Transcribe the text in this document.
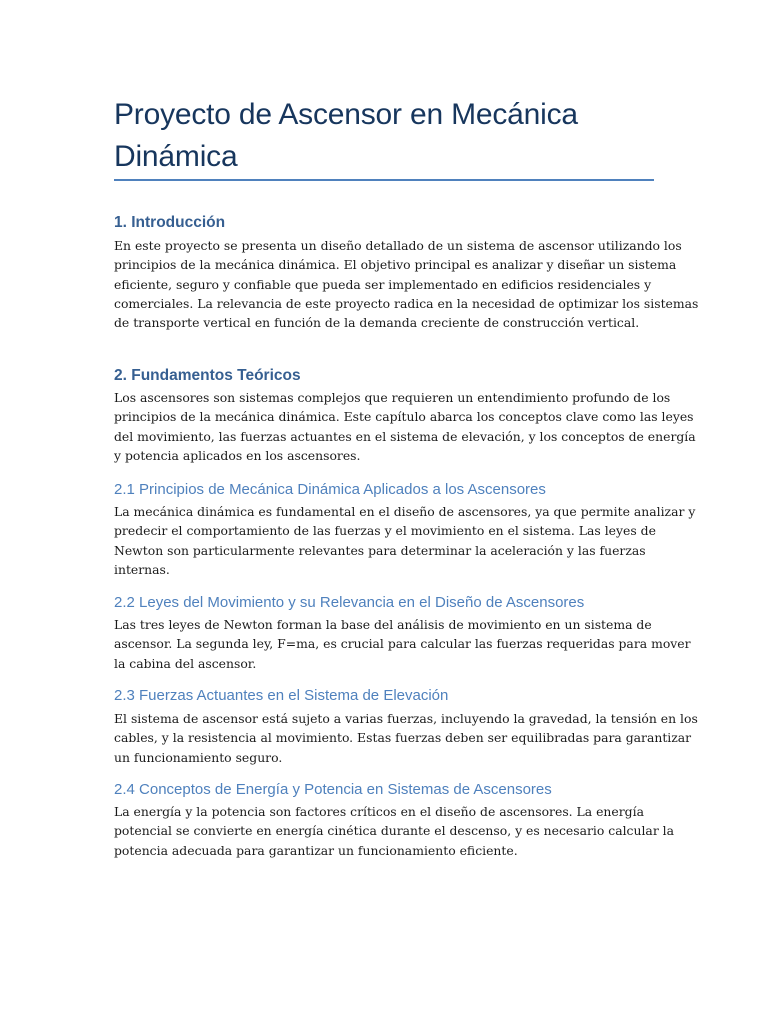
Proyecto de Ascensor en Mecánica
Dinámica
1. Introducción
En este proyecto se presenta un diseño detallado de un sistema de ascensor utilizando los
principios de la mecánica dinámica. El objetivo principal es analizar y diseñar un sistema
eficiente, seguro y confiable que pueda ser implementado en edificios residenciales y
comerciales. La relevancia de este proyecto radica en la necesidad de optimizar los sistemas
de transporte vertical en función de la demanda creciente de construcción vertical.
2. Fundamentos Teóricos
Los ascensores son sistemas complejos que requieren un entendimiento profundo de los
principios de la mecánica dinámica. Este capítulo abarca los conceptos clave como las leyes
del movimiento, las fuerzas actuantes en el sistema de elevación, y los conceptos de energía
y potencia aplicados en los ascensores.
2.1 Principios de Mecánica Dinámica Aplicados a los Ascensores
La mecánica dinámica es fundamental en el diseño de ascensores, ya que permite analizar y
predecir el comportamiento de las fuerzas y el movimiento en el sistema. Las leyes de
Newton son particularmente relevantes para determinar la aceleración y las fuerzas
internas.
2.2 Leyes del Movimiento y su Relevancia en el Diseño de Ascensores
Las tres leyes de Newton forman la base del análisis de movimiento en un sistema de
ascensor. La segunda ley, F=ma, es crucial para calcular las fuerzas requeridas para mover
la cabina del ascensor.
2.3 Fuerzas Actuantes en el Sistema de Elevación
El sistema de ascensor está sujeto a varias fuerzas, incluyendo la gravedad, la tensión en los
cables, y la resistencia al movimiento. Estas fuerzas deben ser equilibradas para garantizar
un funcionamiento seguro.
2.4 Conceptos de Energía y Potencia en Sistemas de Ascensores
La energía y la potencia son factores críticos en el diseño de ascensores. La energía
potencial se convierte en energía cinética durante el descenso, y es necesario calcular la
potencia adecuada para garantizar un funcionamiento eficiente.
